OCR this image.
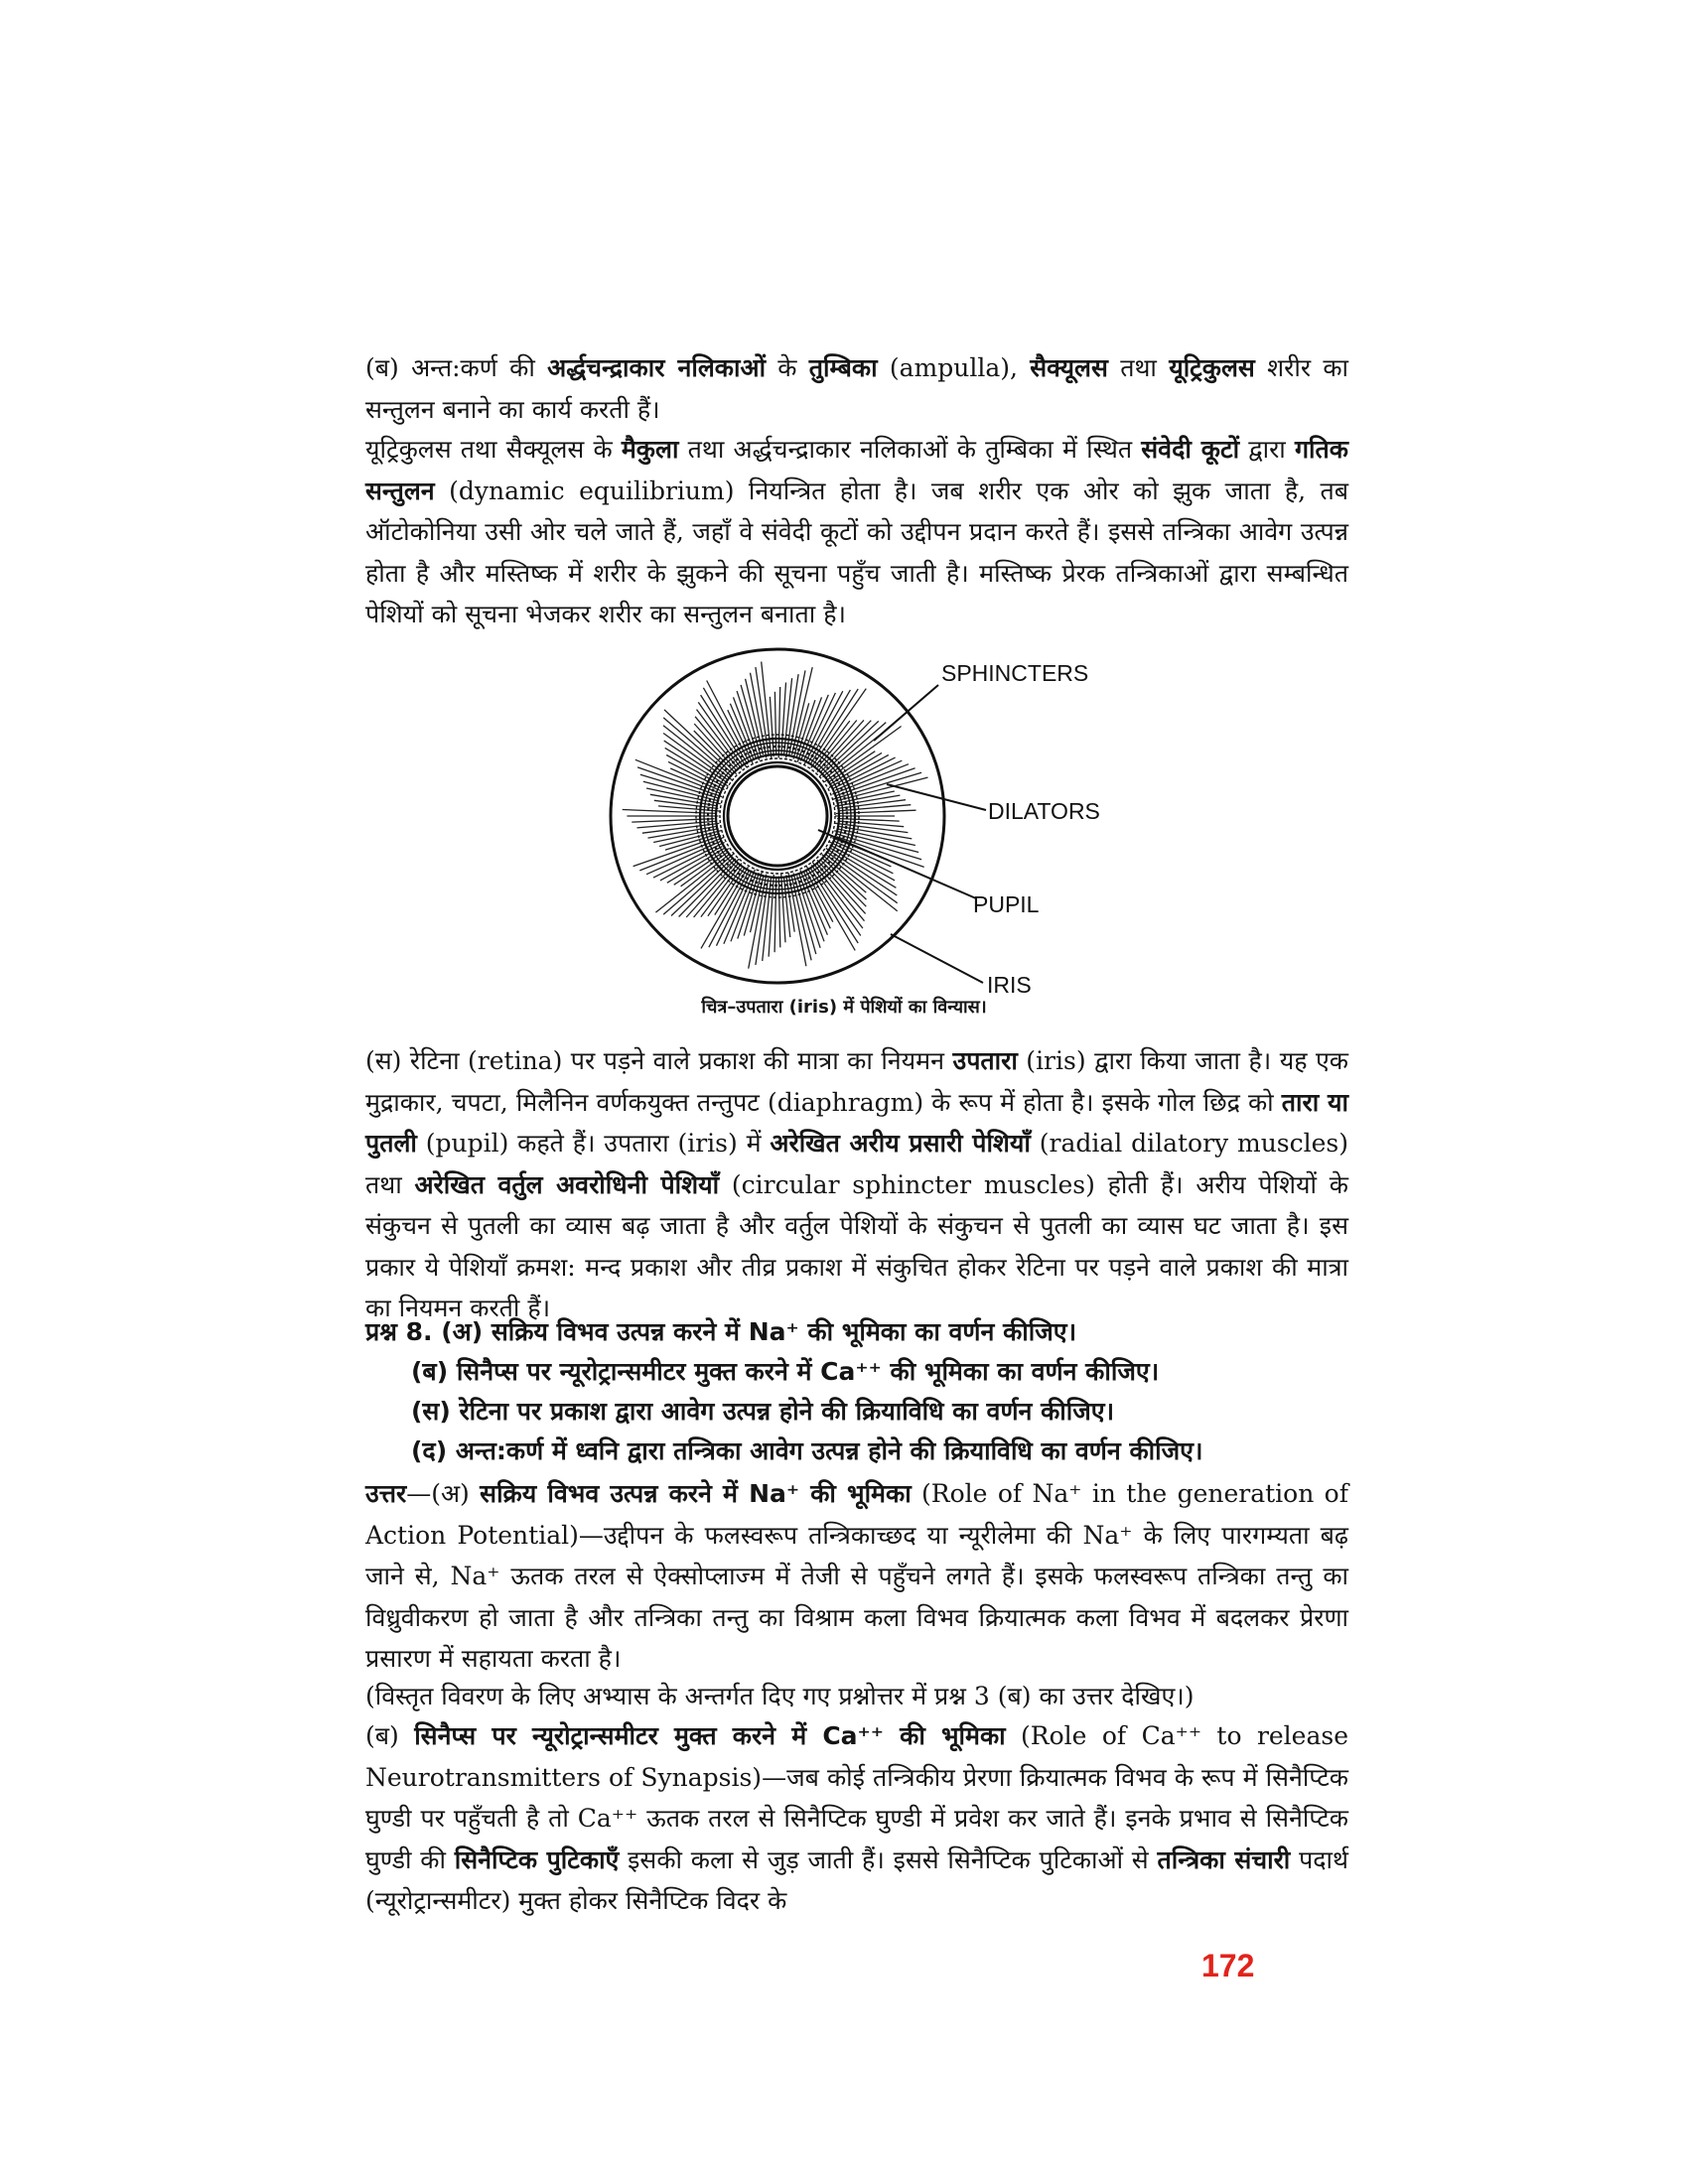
(ब) अन्त:कर्ण की अर्द्धचन्द्राकार नलिकाओं के तुम्बिका (ampulla), सैक्यूलस तथा यूट्रिकुलस शरीर का सन्तुलन बनाने का कार्य करती हैं।

यूट्रिकुलस तथा सैक्यूलस के मैकुला तथा अर्द्धचन्द्राकार नलिकाओं के तुम्बिका में स्थित संवेदी कूटों द्वारा गतिक सन्तुलन (dynamic equilibrium) नियन्त्रित होता है। जब शरीर एक ओर को झुक जाता है, तब ऑटोकोनिया उसी ओर चले जाते हैं, जहाँ वे संवेदी कूटों को उद्दीपन प्रदान करते हैं। इससे तन्त्रिका आवेग उत्पन्न होता है और मस्तिष्क में शरीर के झुकने की सूचना पहुँच जाती है। मस्तिष्क प्रेरक तन्त्रिकाओं द्वारा सम्बन्धित पेशियों को सूचना भेजकर शरीर का सन्तुलन बनाता है।

SPHINCTERS
DILATORS
PUPIL
IRIS
चित्र–उपतारा (iris) में पेशियों का विन्यास।

(स) रेटिना (retina) पर पड़ने वाले प्रकाश की मात्रा का नियमन उपतारा (iris) द्वारा किया जाता है। यह एक मुद्राकार, चपटा, मिलैनिन वर्णकयुक्त तन्तुपट (diaphragm) के रूप में होता है। इसके गोल छिद्र को तारा या पुतली (pupil) कहते हैं। उपतारा (iris) में अरेखित अरीय प्रसारी पेशियाँ (radial dilatory muscles) तथा अरेखित वर्तुल अवरोधिनी पेशियाँ (circular sphincter muscles) होती हैं। अरीय पेशियों के संकुचन से पुतली का व्यास बढ़ जाता है और वर्तुल पेशियों के संकुचन से पुतली का व्यास घट जाता है। इस प्रकार ये पेशियाँ क्रमश: मन्द प्रकाश और तीव्र प्रकाश में संकुचित होकर रेटिना पर पड़ने वाले प्रकाश की मात्रा का नियमन करती हैं।

प्रश्न 8. (अ) सक्रिय विभव उत्पन्न करने में Na⁺ की भूमिका का वर्णन कीजिए।
(ब) सिनैप्स पर न्यूरोट्रान्समीटर मुक्त करने में Ca⁺⁺ की भूमिका का वर्णन कीजिए।
(स) रेटिना पर प्रकाश द्वारा आवेग उत्पन्न होने की क्रियाविधि का वर्णन कीजिए।
(द) अन्त:कर्ण में ध्वनि द्वारा तन्त्रिका आवेग उत्पन्न होने की क्रियाविधि का वर्णन कीजिए।

उत्तर—(अ) सक्रिय विभव उत्पन्न करने में Na⁺ की भूमिका (Role of Na⁺ in the generation of Action Potential)—उद्दीपन के फलस्वरूप तन्त्रिकाच्छद या न्यूरीलेमा की Na⁺ के लिए पारगम्यता बढ़ जाने से, Na⁺ ऊतक तरल से ऐक्सोप्लाज्म में तेजी से पहुँचने लगते हैं। इसके फलस्वरूप तन्त्रिका तन्तु का विध्रुवीकरण हो जाता है और तन्त्रिका तन्तु का विश्राम कला विभव क्रियात्मक कला विभव में बदलकर प्रेरणा प्रसारण में सहायता करता है।

(विस्तृत विवरण के लिए अभ्यास के अन्तर्गत दिए गए प्रश्नोत्तर में प्रश्न 3 (ब) का उत्तर देखिए।)

(ब) सिनैप्स पर न्यूरोट्रान्समीटर मुक्त करने में Ca⁺⁺ की भूमिका (Role of Ca⁺⁺ to release Neurotransmitters of Synapsis)—जब कोई तन्त्रिकीय प्रेरणा क्रियात्मक विभव के रूप में सिनैप्टिक घुण्डी पर पहुँचती है तो Ca⁺⁺ ऊतक तरल से सिनैप्टिक घुण्डी में प्रवेश कर जाते हैं। इनके प्रभाव से सिनैप्टिक घुण्डी की सिनैप्टिक पुटिकाएँ इसकी कला से जुड़ जाती हैं। इससे सिनैप्टिक पुटिकाओं से तन्त्रिका संचारी पदार्थ (न्यूरोट्रान्समीटर) मुक्त होकर सिनैप्टिक विदर के

172
